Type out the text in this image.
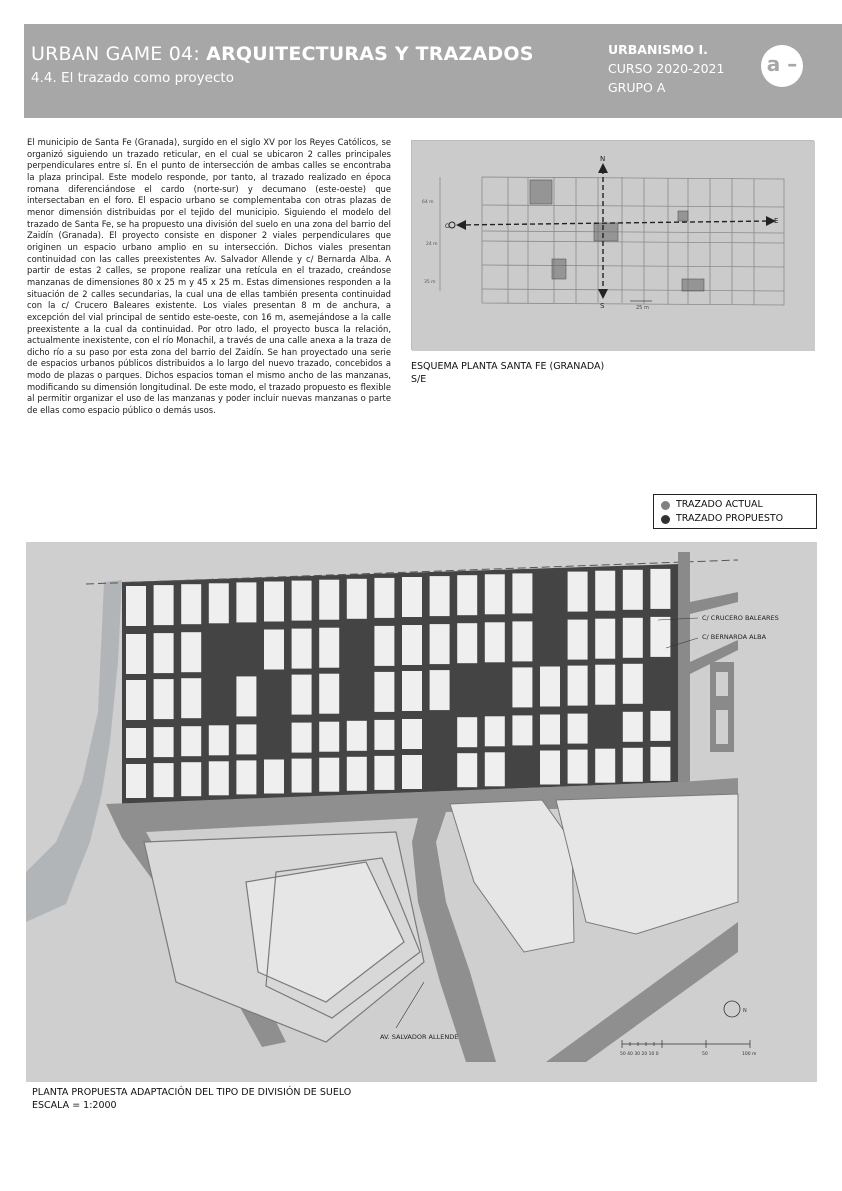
URBAN GAME 04: ARQUITECTURAS Y TRAZADOS
4.4. El trazado como proyecto
URBANISMO I.
CURSO 2020-2021
GRUPO A
a –
El municipio de Santa Fe (Granada), surgido en el siglo XV por los Reyes Católicos, se organizó siguiendo un trazado reticular, en el cual se ubicaron 2 calles principales perpendiculares entre sí. En el punto de intersección de ambas calles se encontraba la plaza principal. Este modelo responde, por tanto, al trazado realizado en época romana diferenciándose el cardo (norte-sur) y decumano (este-oeste) que intersectaban en el foro. El espacio urbano se complementaba con otras plazas de menor dimensión distribuidas por el tejido del municipio. Siguiendo el modelo del trazado de Santa Fe, se ha propuesto una división del suelo en una zona del barrio del Zaidín (Granada). El proyecto consiste en disponer 2 viales perpendiculares que originen un espacio urbano amplio en su intersección. Dichos viales presentan continuidad con las calles preexistentes Av. Salvador Allende y c/ Bernarda Alba. A partir de estas 2 calles, se propone realizar una retícula en el trazado, creándose manzanas de dimensiones 80 x 25 m y 45 x 25 m. Estas dimensiones responden a la situación de 2 calles secundarias, la cual una de ellas también presenta continuidad con la c/ Crucero Baleares existente. Los viales presentan 8 m de anchura, a excepción del vial principal de sentido este-oeste, con 16 m, asemejándose a la calle preexistente a la cual da continuidad. Por otro lado, el proyecto busca la relación, actualmente inexistente, con el río Monachil, a través de una calle anexa a la traza de dicho río a su paso por esta zona del barrio del Zaidín. Se han proyectado una serie de espacios urbanos públicos distribuidos a lo largo del nuevo trazado, concebidos a modo de plazas o parques. Dichos espacios toman el mismo ancho de las manzanas, modificando su dimensión longitudinal. De este modo, el trazado propuesto es flexible al permitir organizar el uso de las manzanas y poder incluir nuevas manzanas o parte de ellas como espacio público o demás usos.
N
S
E
O
64 m
24 m
35 m
25 m
ESQUEMA PLANTA SANTA FE (GRANADA)
S/E
TRAZADO ACTUAL
TRAZADO PROPUESTO
C/ CRUCERO BALEARES
C/ BERNARDA ALBA
AV. SALVADOR ALLENDE
N
50 40 30 20 10 0	50	100 m
PLANTA PROPUESTA ADAPTACIÓN DEL TIPO DE DIVISIÓN DE SUELO
ESCALA = 1:2000
